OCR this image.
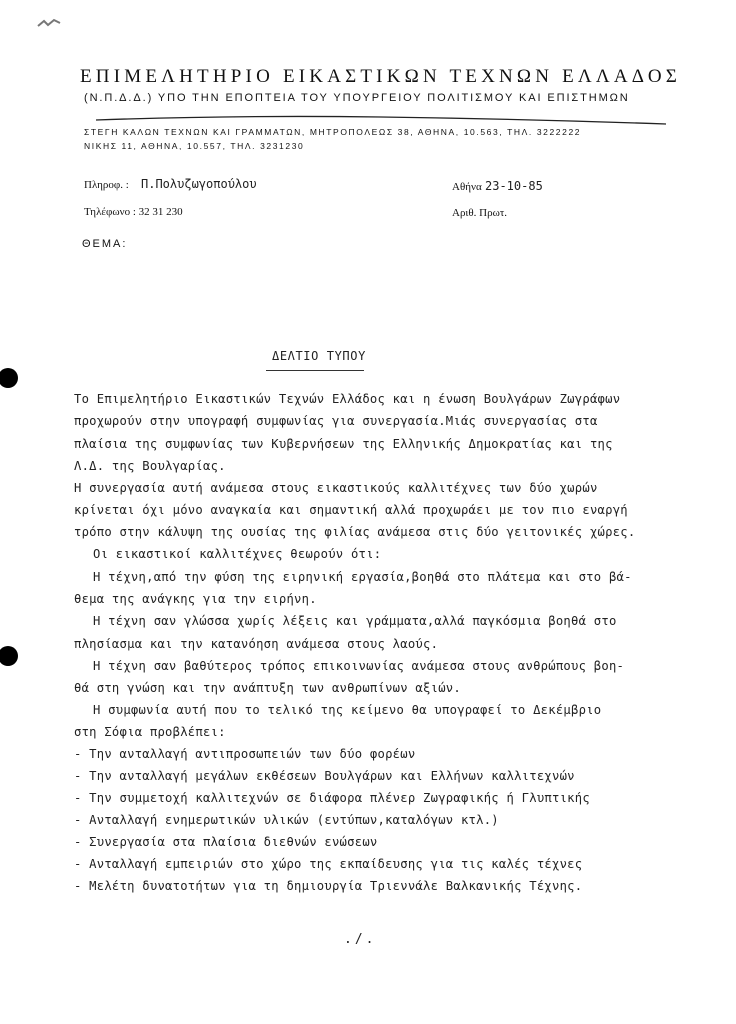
ΕΠΙΜΕΛΗΤΗΡΙΟ ΕΙΚΑΣΤΙΚΩΝ ΤΕΧΝΩΝ ΕΛΛΑΔΟΣ
(Ν.Π.Δ.Δ.) ΥΠΟ ΤΗΝ ΕΠΟΠΤΕΙΑ ΤΟΥ ΥΠΟΥΡΓΕΙΟΥ ΠΟΛΙΤΙΣΜΟΥ ΚΑΙ ΕΠΙΣΤΗΜΩΝ
ΣΤΕΓΗ ΚΑΛΩΝ ΤΕΧΝΩΝ ΚΑΙ ΓΡΑΜΜΑΤΩΝ, ΜΗΤΡΟΠΟΛΕΩΣ 38, ΑΘΗΝΑ, 10.563, ΤΗΛ. 3222222
ΝΙΚΗΣ 11, ΑΘΗΝΑ, 10.557, ΤΗΛ. 3231230
Πληροφ. : Π.Πολυζωγοπούλου
Τηλέφωνο : 32 31 230
Αθήνα 23-10-85
Αριθ. Πρωτ.
ΘΕΜΑ:
ΔΕΛΤΙΟ ΤΥΠΟΥ
Το Επιμελητήριο Εικαστικών Τεχνών Ελλάδος και η ένωση Βουλγάρων Ζωγράφων
προχωρούν στην υπογραφή συμφωνίας για συνεργασία.Μιάς συνεργασίας στα
πλαίσια της συμφωνίας των Κυβερνήσεων της Ελληνικής Δημοκρατίας και της
Λ.Δ. της Βουλγαρίας.
Η συνεργασία αυτή ανάμεσα στους εικαστικούς καλλιτέχνες των δύο χωρών
κρίνεται όχι μόνο αναγκαία και σημαντική αλλά προχωράει με τον πιο εναργή
τρόπο στην κάλυψη της ουσίας της φιλίας ανάμεσα στις δύο γειτονικές χώρες.
Οι εικαστικοί καλλιτέχνες θεωρούν ότι:
Η τέχνη,από την φύση της ειρηνική εργασία,βοηθά στο πλάτεμα και στο βά-
θεμα της ανάγκης για την ειρήνη.
Η τέχνη σαν γλώσσα χωρίς λέξεις και γράμματα,αλλά παγκόσμια βοηθά στο
πλησίασμα και την κατανόηση ανάμεσα στους λαούς.
Η τέχνη σαν βαθύτερος τρόπος επικοινωνίας ανάμεσα στους ανθρώπους βοη-
θά στη γνώση και την ανάπτυξη των ανθρωπίνων αξιών.
Η συμφωνία αυτή που το τελικό της κείμενο θα υπογραφεί το Δεκέμβριο
στη Σόφια προβλέπει:
- Την ανταλλαγή αντιπροσωπειών των δύο φορέων
- Την ανταλλαγή μεγάλων εκθέσεων Βουλγάρων και Ελλήνων καλλιτεχνών
- Την συμμετοχή καλλιτεχνών σε διάφορα πλένερ Ζωγραφικής ή Γλυπτικής
- Ανταλλαγή ενημερωτικών υλικών (εντύπων,καταλόγων κτλ.)
- Συνεργασία στα πλαίσια διεθνών ενώσεων
- Ανταλλαγή εμπειριών στο χώρο της εκπαίδευσης για τις καλές τέχνες
- Μελέτη δυνατοτήτων για τη δημιουργία Τριεννάλε Βαλκανικής Τέχνης.
./.
